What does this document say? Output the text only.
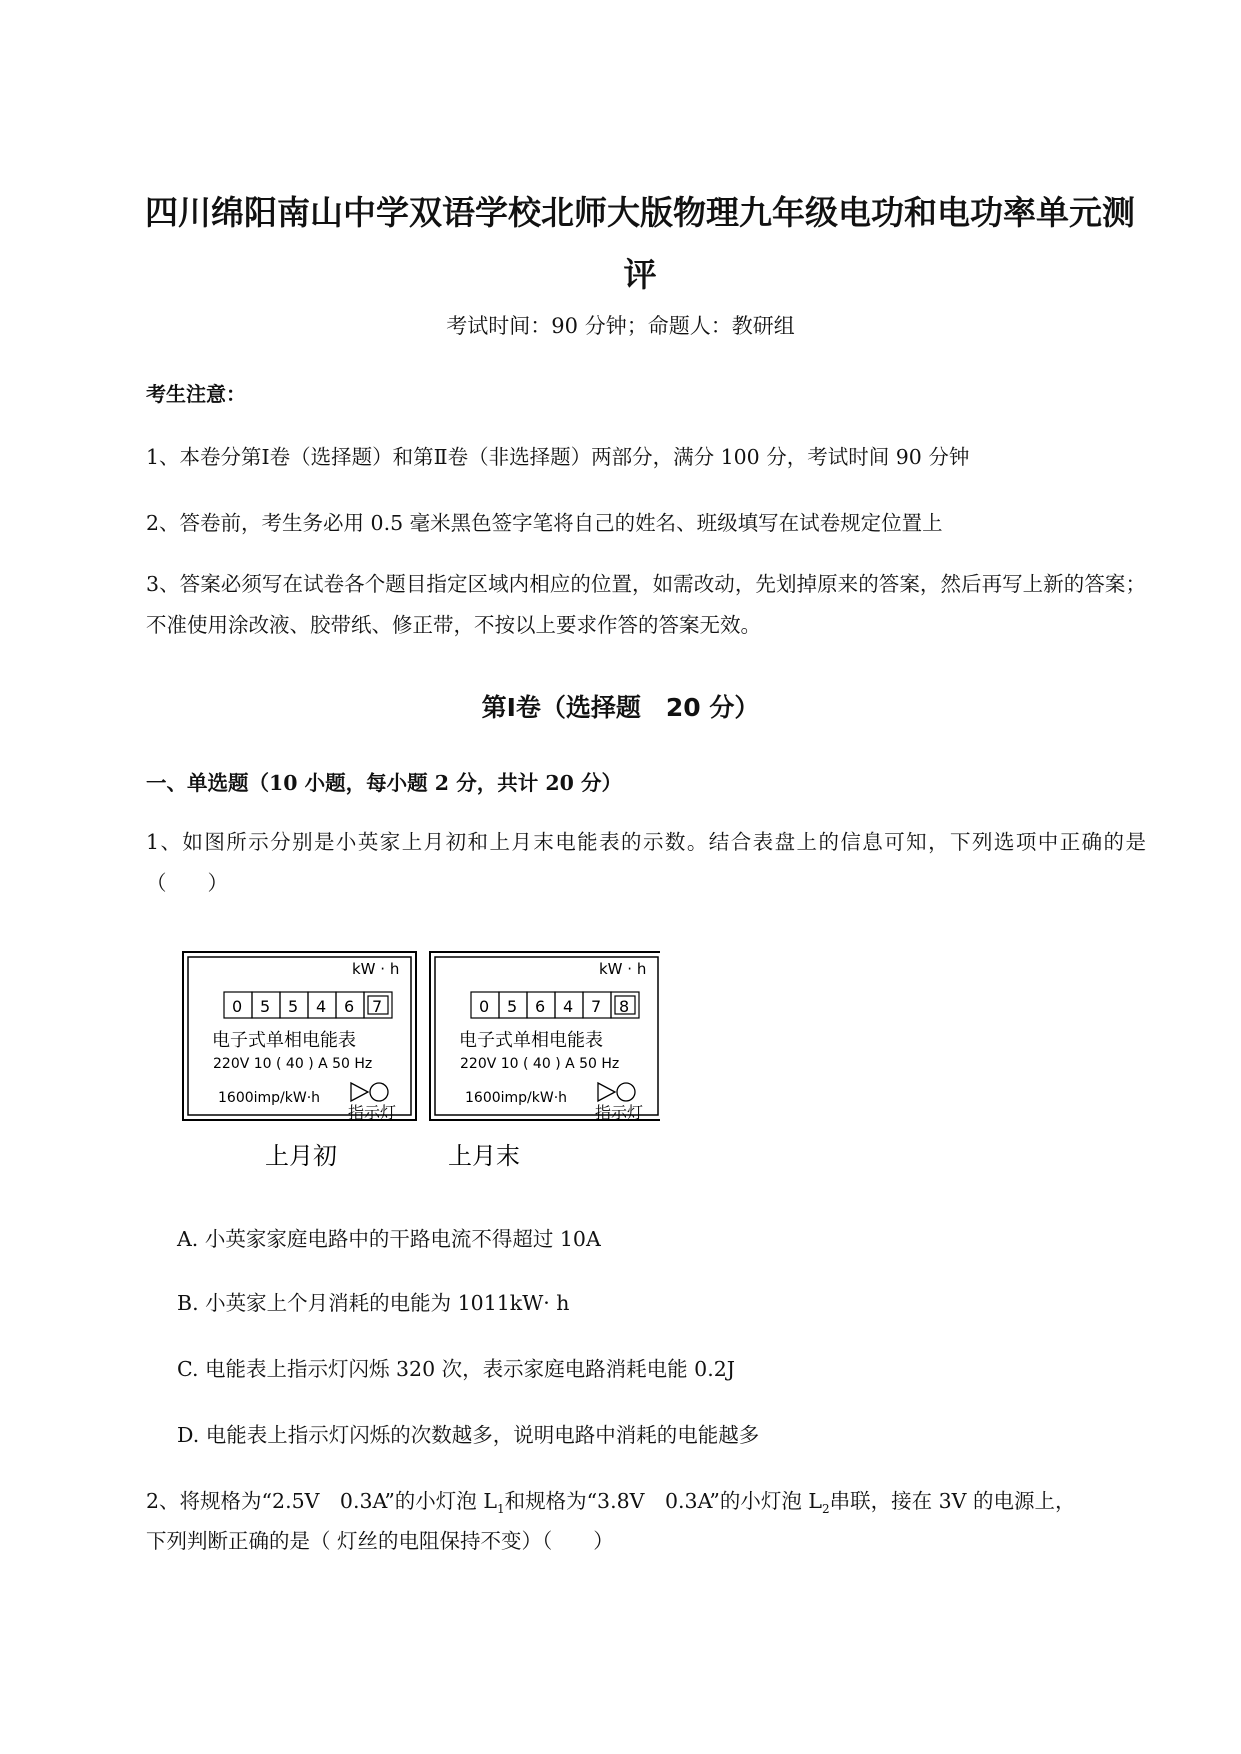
四川绵阳南山中学双语学校北师大版物理九年级电功和电功率单元测评
考试时间：90 分钟；命题人：教研组
考生注意：
1、本卷分第Ⅰ卷（选择题）和第Ⅱ卷（非选择题）两部分，满分 100 分，考试时间 90 分钟
2、答卷前，考生务必用 0.5 毫米黑色签字笔将自己的姓名、班级填写在试卷规定位置上
3、答案必须写在试卷各个题目指定区域内相应的位置，如需改动，先划掉原来的答案，然后再写上新的答案；不准使用涂改液、胶带纸、修正带，不按以上要求作答的答案无效。
第Ⅰ卷（选择题　20 分）
一、单选题（10 小题，每小题 2 分，共计 20 分）
1、如图所示分别是小英家上月初和上月末电能表的示数。结合表盘上的信息可知，下列选项中正确的是（　　）
kW · h
0 5 5 4 6 7
电子式单相电能表
220V 10 ( 40 ) A 50 Hz
1600imp/kW·h
指示灯
上月初
kW · h
0 5 6 4 7 8
电子式单相电能表
220V 10 ( 40 ) A 50 Hz
1600imp/kW·h
指示灯
上月末
A. 小英家家庭电路中的干路电流不得超过 10A
B. 小英家上个月消耗的电能为 1011kW· h
C. 电能表上指示灯闪烁 320 次，表示家庭电路消耗电能 0.2J
D. 电能表上指示灯闪烁的次数越多，说明电路中消耗的电能越多
2、将规格为“2.5V　0.3A”的小灯泡 $L_1$和规格为“3.8V　0.3A”的小灯泡 $L_2$串联，接在 3V 的电源上，
下列判断正确的是（ 灯丝的电阻保持不变）（　　）
